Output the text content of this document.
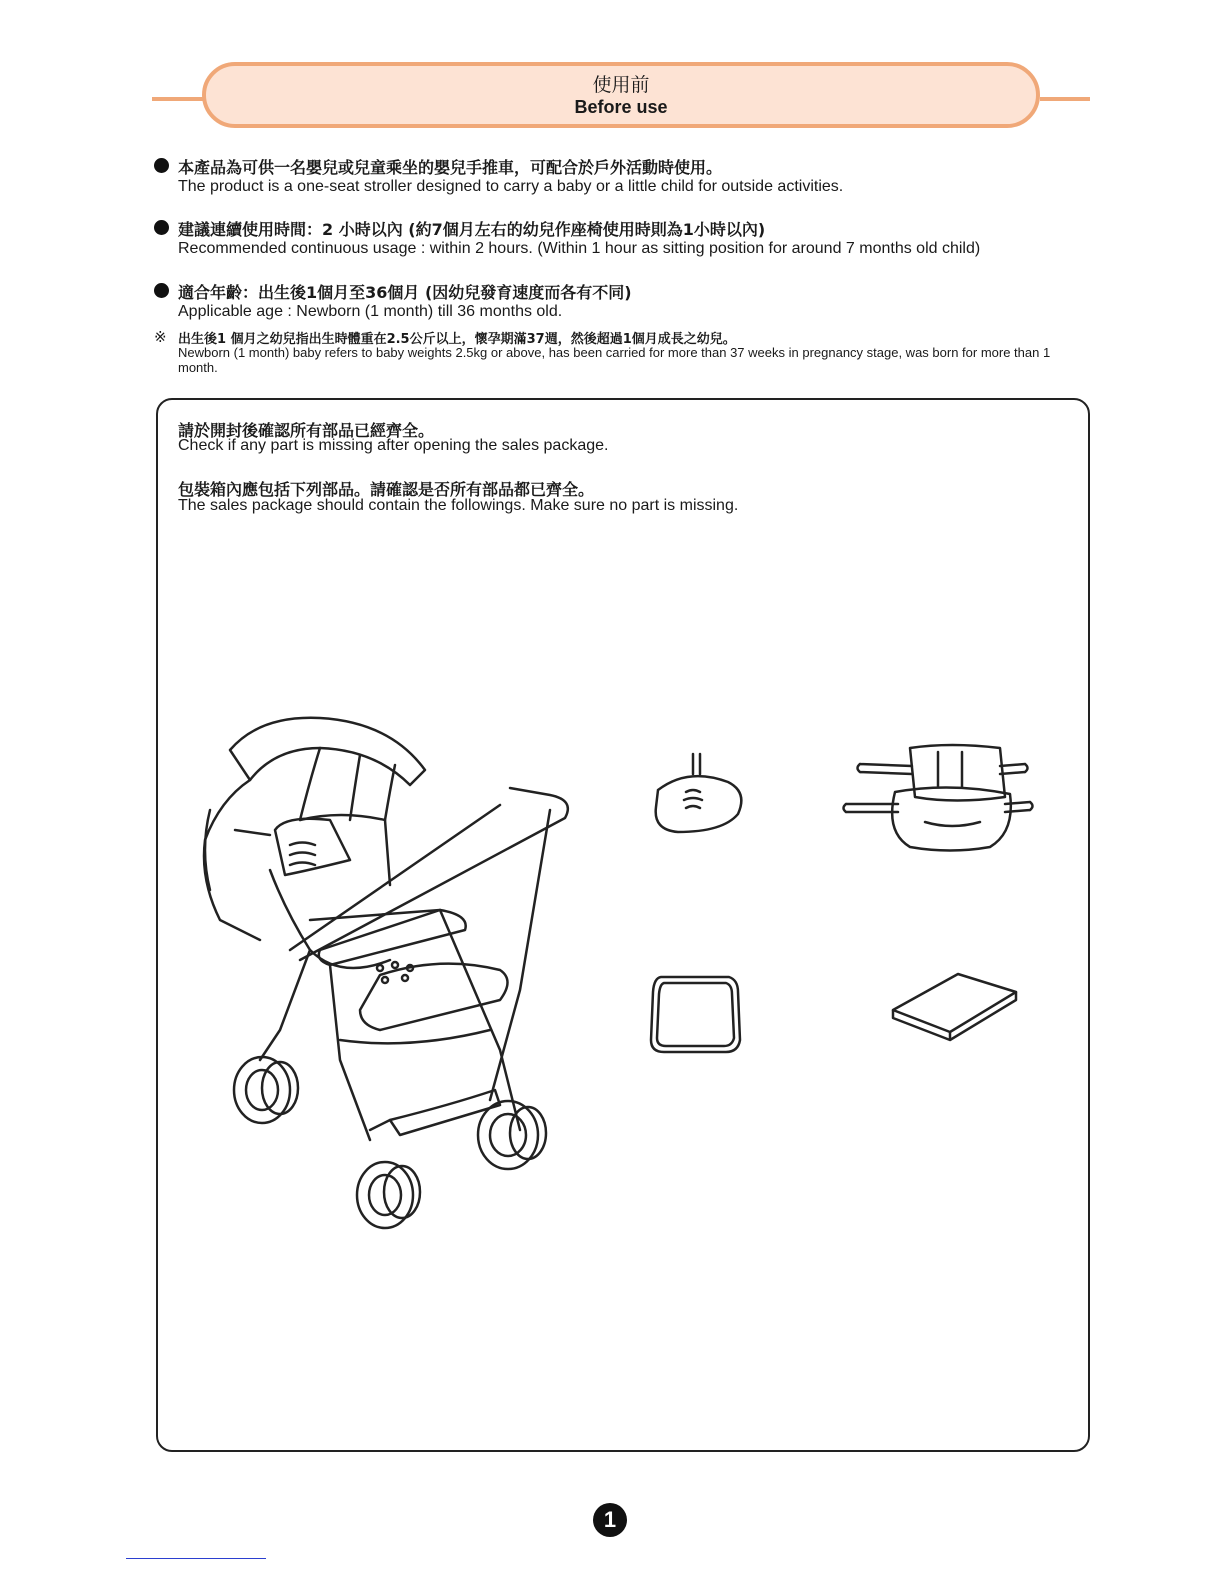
使用前
Before use
本產品為可供一名嬰兒或兒童乘坐的嬰兒手推車，可配合於戶外活動時使用。
The product is a one-seat stroller designed to carry a baby or a little child for outside activities.
建議連續使用時間：2 小時以內 (約7個月左右的幼兒作座椅使用時則為1小時以內)
Recommended continuous usage : within 2 hours. (Within 1 hour as sitting position for around 7 months old child)
適合年齡：出生後1個月至36個月 (因幼兒發育速度而各有不同)
Applicable age : Newborn (1 month) till 36 months old.
※ 出生後1 個月之幼兒指出生時體重在2.5公斤以上，懷孕期滿37週，然後超過1個月成長之幼兒。
Newborn (1 month) baby refers to baby weights 2.5kg or above, has been carried for more than 37 weeks in pregnancy stage, was born for more than 1 month.
請於開封後確認所有部品已經齊全。
Check if any part is missing after opening the sales package.
包裝箱內應包括下列部品。請確認是否所有部品都已齊全。
The sales package should contain the followings. Make sure no part is missing.
1
